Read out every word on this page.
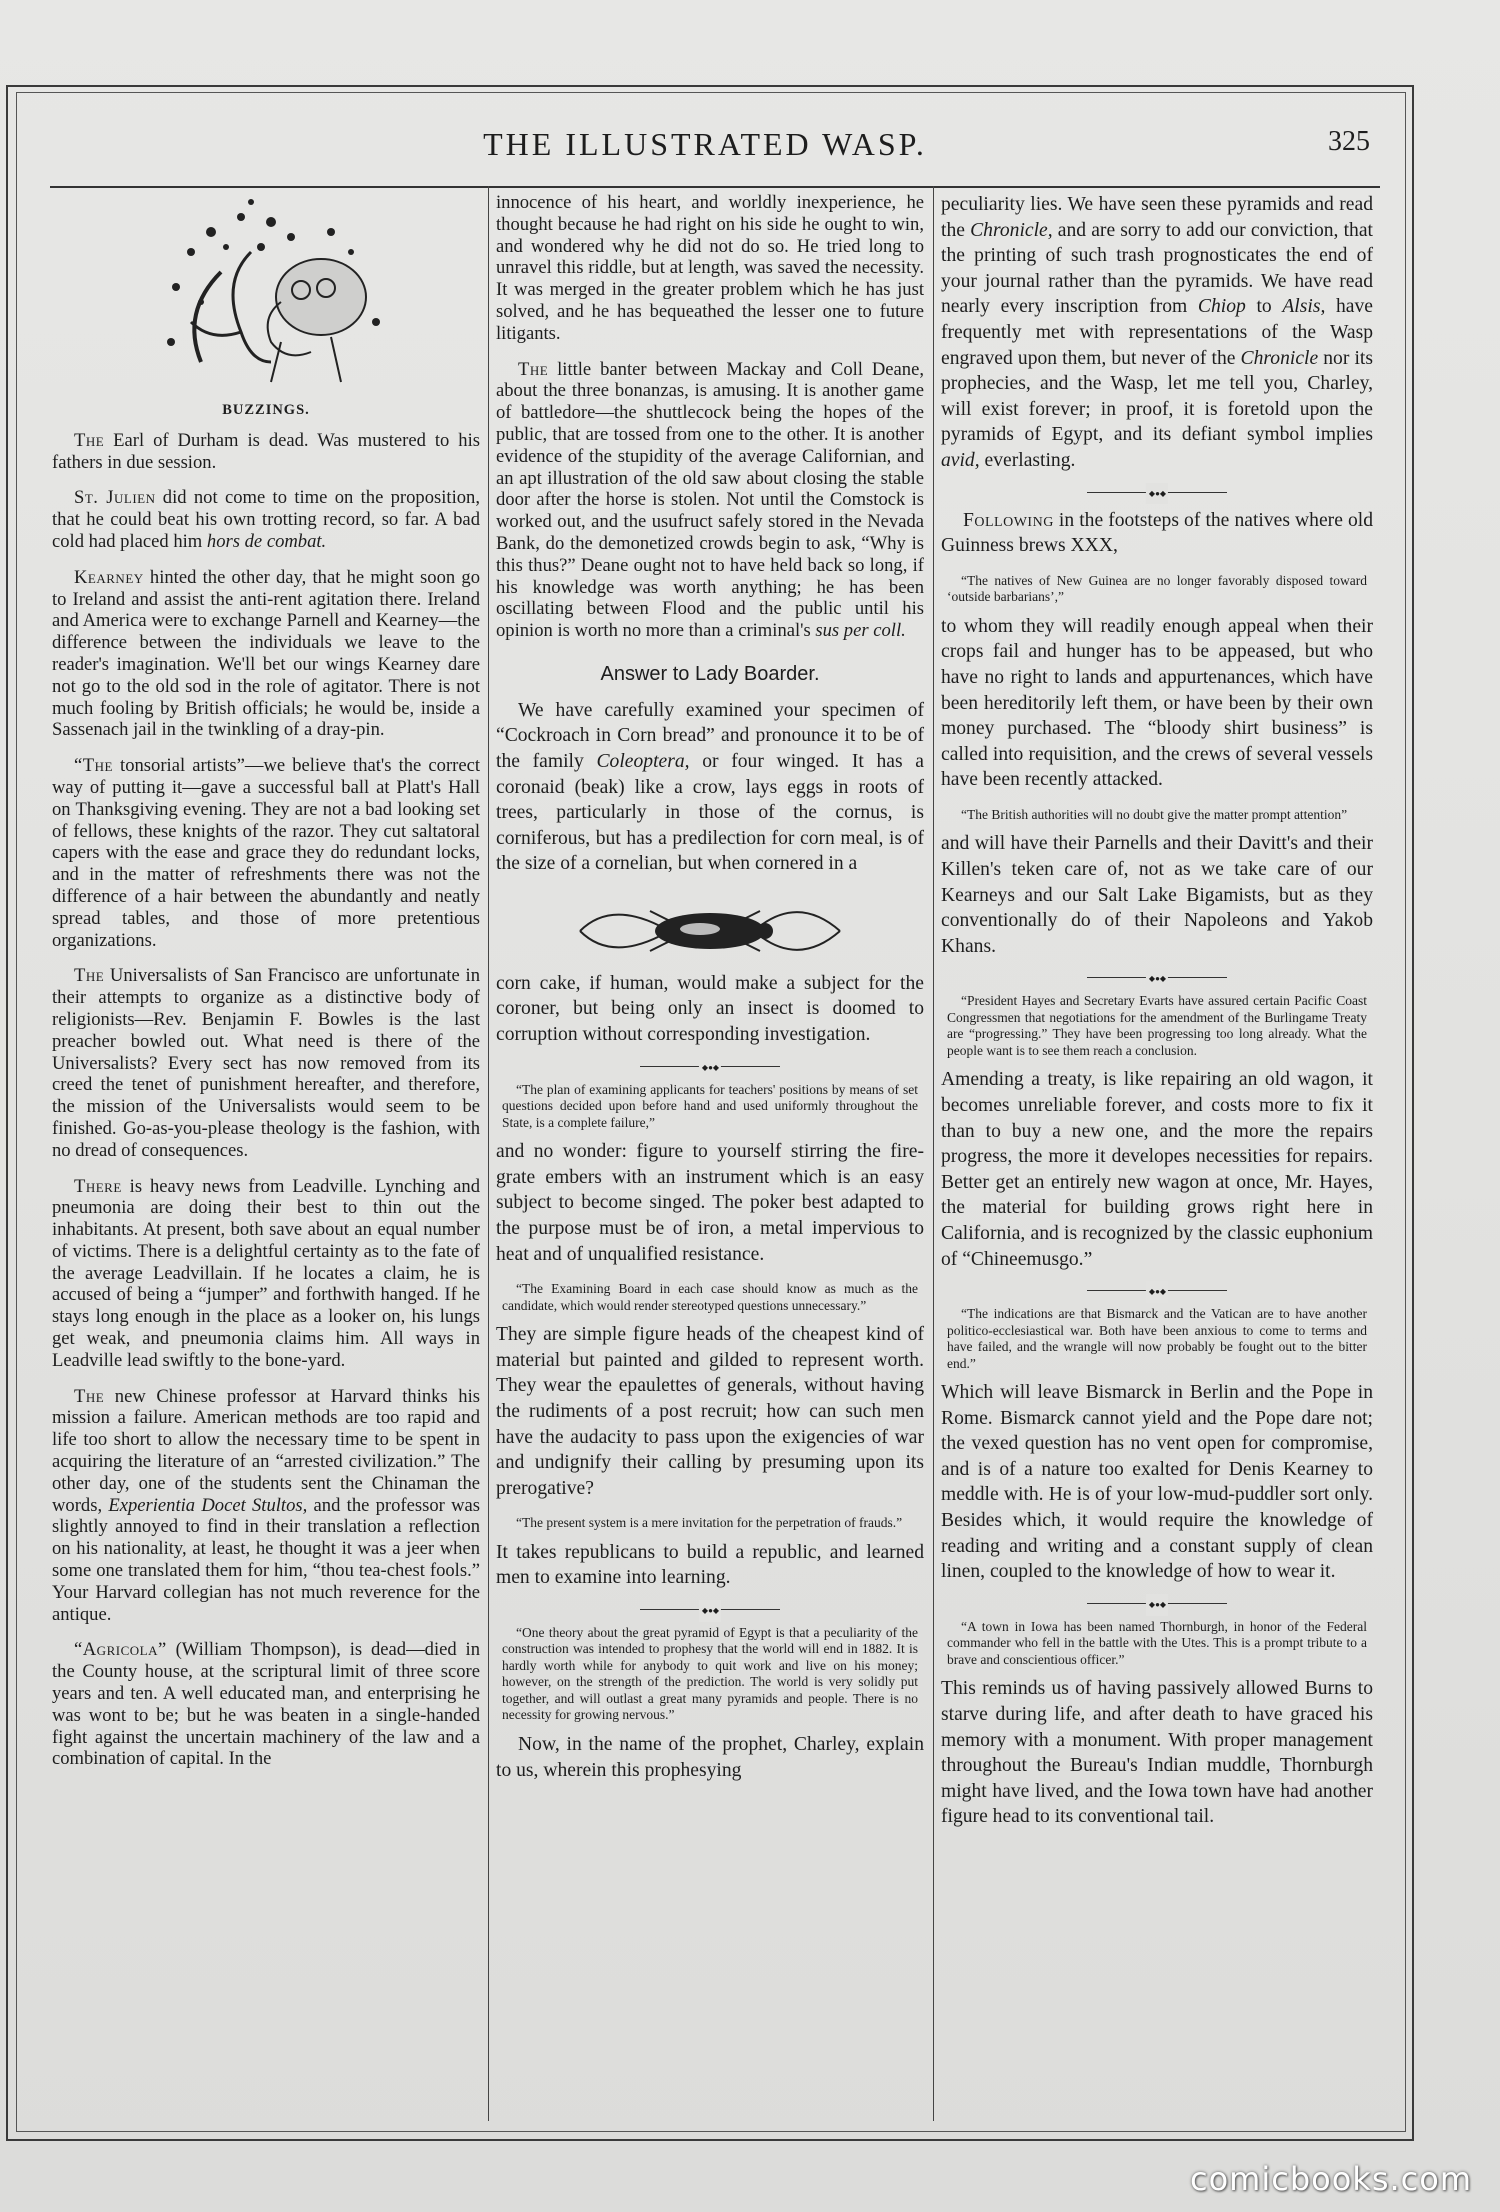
THE ILLUSTRATED WASP.	325

BUZZINGS.

The Earl of Durham is dead. Was mustered to his fathers in due session.

St. Julien did not come to time on the proposition, that he could beat his own trotting record, so far. A bad cold had placed him hors de combat.

Kearney hinted the other day, that he might soon go to Ireland and assist the anti-rent agitation there. Ireland and America were to exchange Parnell and Kearney—the difference between the individuals we leave to the reader's imagination. We'll bet our wings Kearney dare not go to the old sod in the role of agitator. There is not much fooling by British officials; he would be, inside a Sassenach jail in the twinkling of a dray-pin.

“The tonsorial artists”—we believe that's the correct way of putting it—gave a successful ball at Platt's Hall on Thanksgiving evening. They are not a bad looking set of fellows, these knights of the razor. They cut saltatoral capers with the ease and grace they do redundant locks, and in the matter of refreshments there was not the difference of a hair between the abundantly and neatly spread tables, and those of more pretentious organizations.

The Universalists of San Francisco are unfortunate in their attempts to organize as a distinctive body of religionists—Rev. Benjamin F. Bowles is the last preacher bowled out. What need is there of the Universalists? Every sect has now removed from its creed the tenet of punishment hereafter, and therefore, the mission of the Universalists would seem to be finished. Go-as-you-please theology is the fashion, with no dread of consequences.

There is heavy news from Leadville. Lynching and pneumonia are doing their best to thin out the inhabitants. At present, both save about an equal number of victims. There is a delightful certainty as to the fate of the average Leadvillain. If he locates a claim, he is accused of being a “jumper” and forthwith hanged. If he stays long enough in the place as a looker on, his lungs get weak, and pneumonia claims him. All ways in Leadville lead swiftly to the bone-yard.

The new Chinese professor at Harvard thinks his mission a failure. American methods are too rapid and life too short to allow the necessary time to be spent in acquiring the literature of an “arrested civilization.” The other day, one of the students sent the Chinaman the words, Experientia Docet Stultos, and the professor was slightly annoyed to find in their translation a reflection on his nationality, at least, he thought it was a jeer when some one translated them for him, “thou tea-chest fools.” Your Harvard collegian has not much reverence for the antique.

“Agricola” (William Thompson), is dead—died in the County house, at the scriptural limit of three score years and ten. A well educated man, and enterprising he was wont to be; but he was beaten in a single-handed fight against the uncertain machinery of the law and a combination of capital. In the

innocence of his heart, and worldly inexperience, he thought because he had right on his side he ought to win, and wondered why he did not do so. He tried long to unravel this riddle, but at length, was saved the necessity. It was merged in the greater problem which he has just solved, and he has bequeathed the lesser one to future litigants.

The little banter between Mackay and Coll Deane, about the three bonanzas, is amusing. It is another game of battledore—the shuttlecock being the hopes of the public, that are tossed from one to the other. It is another evidence of the stupidity of the average Californian, and an apt illustration of the old saw about closing the stable door after the horse is stolen. Not until the Comstock is worked out, and the usufruct safely stored in the Nevada Bank, do the demonetized crowds begin to ask, “Why is this thus?” Deane ought not to have held back so long, if his knowledge was worth anything; he has been oscillating between Flood and the public until his opinion is worth no more than a criminal's sus per coll.

Answer to Lady Boarder.

We have carefully examined your specimen of “Cockroach in Corn bread” and pronounce it to be of the family Coleoptera, or four winged. It has a coronaid (beak) like a crow, lays eggs in roots of trees, particularly in those of the cornus, is corniferous, but has a predilection for corn meal, is of the size of a cornelian, but when cornered in a

corn cake, if human, would make a subject for the coroner, but being only an insect is doomed to corruption without corresponding investigation.

◆ ● ◆

“The plan of examining applicants for teachers' positions by means of set questions decided upon before hand and used uniformly throughout the State, is a complete failure,”

and no wonder: figure to yourself stirring the fire-grate embers with an instrument which is an easy subject to become singed. The poker best adapted to the purpose must be of iron, a metal impervious to heat and of unqualified resistance.

“The Examining Board in each case should know as much as the candidate, which would render stereotyped questions unnecessary.”

They are simple figure heads of the cheapest kind of material but painted and gilded to represent worth. They wear the epaulettes of generals, without having the rudiments of a post recruit; how can such men have the audacity to pass upon the exigencies of war and undignify their calling by presuming upon its prerogative?

“The present system is a mere invitation for the perpetration of frauds.”

It takes republicans to build a republic, and learned men to examine into learning.

◆ ● ◆

“One theory about the great pyramid of Egypt is that a peculiarity of the construction was intended to prophesy that the world will end in 1882. It is hardly worth while for anybody to quit work and live on his money; however, on the strength of the prediction. The world is very solidly put together, and will outlast a great many pyramids and people. There is no necessity for growing nervous.”

Now, in the name of the prophet, Charley, explain to us, wherein this prophesying

peculiarity lies. We have seen these pyramids and read the Chronicle, and are sorry to add our conviction, that the printing of such trash prognosticates the end of your journal rather than the pyramids. We have read nearly every inscription from Chiop to Alsis, have frequently met with representations of the Wasp engraved upon them, but never of the Chronicle nor its prophecies, and the Wasp, let me tell you, Charley, will exist forever; in proof, it is foretold upon the pyramids of Egypt, and its defiant symbol implies avid, everlasting.

◆ ● ◆

Following in the footsteps of the natives where old Guinness brews XXX,

“The natives of New Guinea are no longer favorably disposed toward ‘outside barbarians’,”

to whom they will readily enough appeal when their crops fail and hunger has to be appeased, but who have no right to lands and appurtenances, which have been hereditorily left them, or have been by their own money purchased. The “bloody shirt business” is called into requisition, and the crews of several vessels have been recently attacked.

“The British authorities will no doubt give the matter prompt attention”

and will have their Parnells and their Davitt's and their Killen's teken care of, not as we take care of our Kearneys and our Salt Lake Bigamists, but as they conventionally do of their Napoleons and Yakob Khans.

◆ ● ◆

“President Hayes and Secretary Evarts have assured certain Pacific Coast Congressmen that negotiations for the amendment of the Burlingame Treaty are “progressing.” They have been progressing too long already. What the people want is to see them reach a conclusion.

Amending a treaty, is like repairing an old wagon, it becomes unreliable forever, and costs more to fix it than to buy a new one, and the more the repairs progress, the more it developes necessities for repairs. Better get an entirely new wagon at once, Mr. Hayes, the material for building grows right here in California, and is recognized by the classic euphonium of “Chineemusgo.”

◆ ● ◆

“The indications are that Bismarck and the Vatican are to have another politico-ecclesiastical war. Both have been anxious to come to terms and have failed, and the wrangle will now probably be fought out to the bitter end.”

Which will leave Bismarck in Berlin and the Pope in Rome. Bismarck cannot yield and the Pope dare not; the vexed question has no vent open for compromise, and is of a nature too exalted for Denis Kearney to meddle with. He is of your low-mud-puddler sort only. Besides which, it would require the knowledge of reading and writing and a constant supply of clean linen, coupled to the knowledge of how to wear it.

◆ ● ◆

“A town in Iowa has been named Thornburgh, in honor of the Federal commander who fell in the battle with the Utes. This is a prompt tribute to a brave and conscientious officer.”

This reminds us of having passively allowed Burns to starve during life, and after death to have graced his memory with a monument. With proper management throughout the Bureau's Indian muddle, Thornburgh might have lived, and the Iowa town have had another figure head to its conventional tail.

comicbooks.com
